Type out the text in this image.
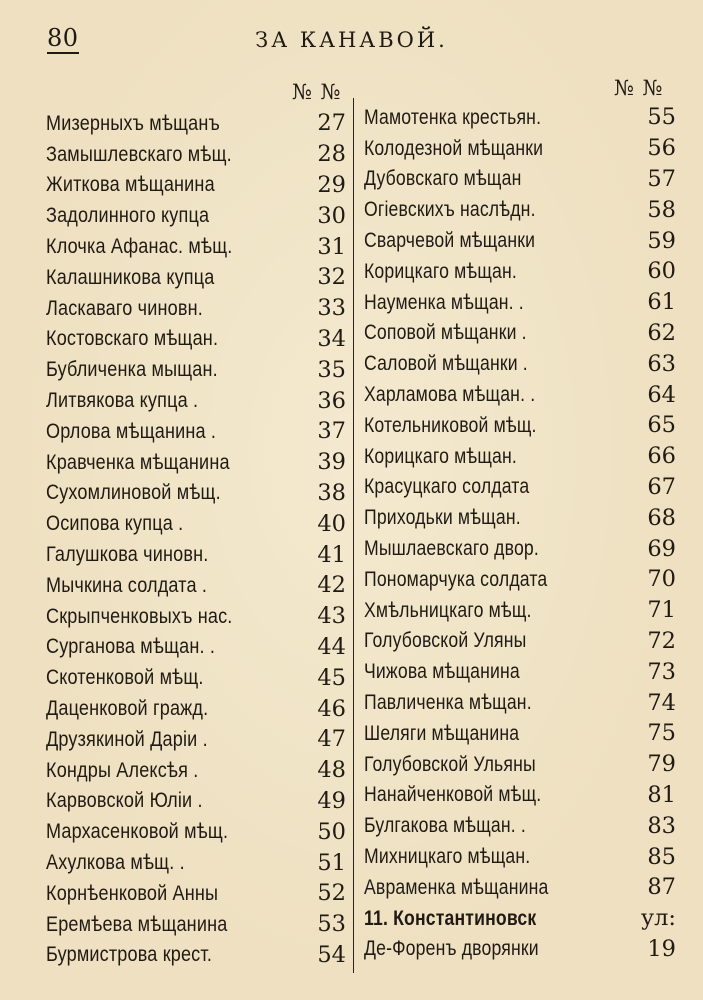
80	ЗА КАНАВОЙ.
№ №	№ №
Мизерныхъ мѣщанъ	27
Замышлевскаго мѣщ.	28
Житкова мѣщанина	29
Задолинного купца	30
Клочка Афанас. мѣщ.	31
Калашникова купца	32
Ласкаваго чиновн.	33
Костовскаго мѣщан.	34
Бубличенка мыщан.	35
Литвякова купца .	36
Орлова мѣщанина .	37
Кравченка мѣщанина	39
Сухомлиновой мѣщ.	38
Осипова купца .	40
Галушкова чиновн.	41
Мычкина солдата .	42
Скрыпченковыхъ нас.	43
Сурганова мѣщан. .	44
Скотенковой мѣщ.	45
Даценковой гражд.	46
Друзякиной Даріи .	47
Кондры Алексѣя .	48
Карвовской Юліи .	49
Мархасенковой мѣщ.	50
Ахулкова мѣщ. .	51
Корнѣенковой Анны	52
Еремѣева мѣщанина	53
Бурмистрова крест.	54
Мамотенка крестьян.	55
Колодезной мѣщанки	56
Дубовскаго мѣщан	57
Огіевскихъ наслѣдн.	58
Сварчевой мѣщанки	59
Корицкаго мѣщан.	60
Науменка мѣщан. .	61
Соповой мѣщанки .	62
Саловой мѣщанки .	63
Харламова мѣщан. .	64
Котельниковой мѣщ.	65
Корицкаго мѣщан.	66
Красуцкаго солдата	67
Приходьки мѣщан.	68
Мышлаевскаго двор.	69
Пономарчука солдата	70
Хмѣльницкаго мѣщ.	71
Голубовской Уляны	72
Чижова мѣщанина	73
Павличенка мѣщан.	74
Шеляги мѣщанина	75
Голубовской Ульяны	79
Нанайченковой мѣщ.	81
Булгакова мѣщан. .	83
Михницкаго мѣщан.	85
Авраменка мѣщанина	87
11. Константиновск	ул:
Де-Форенъ дворянки	19
